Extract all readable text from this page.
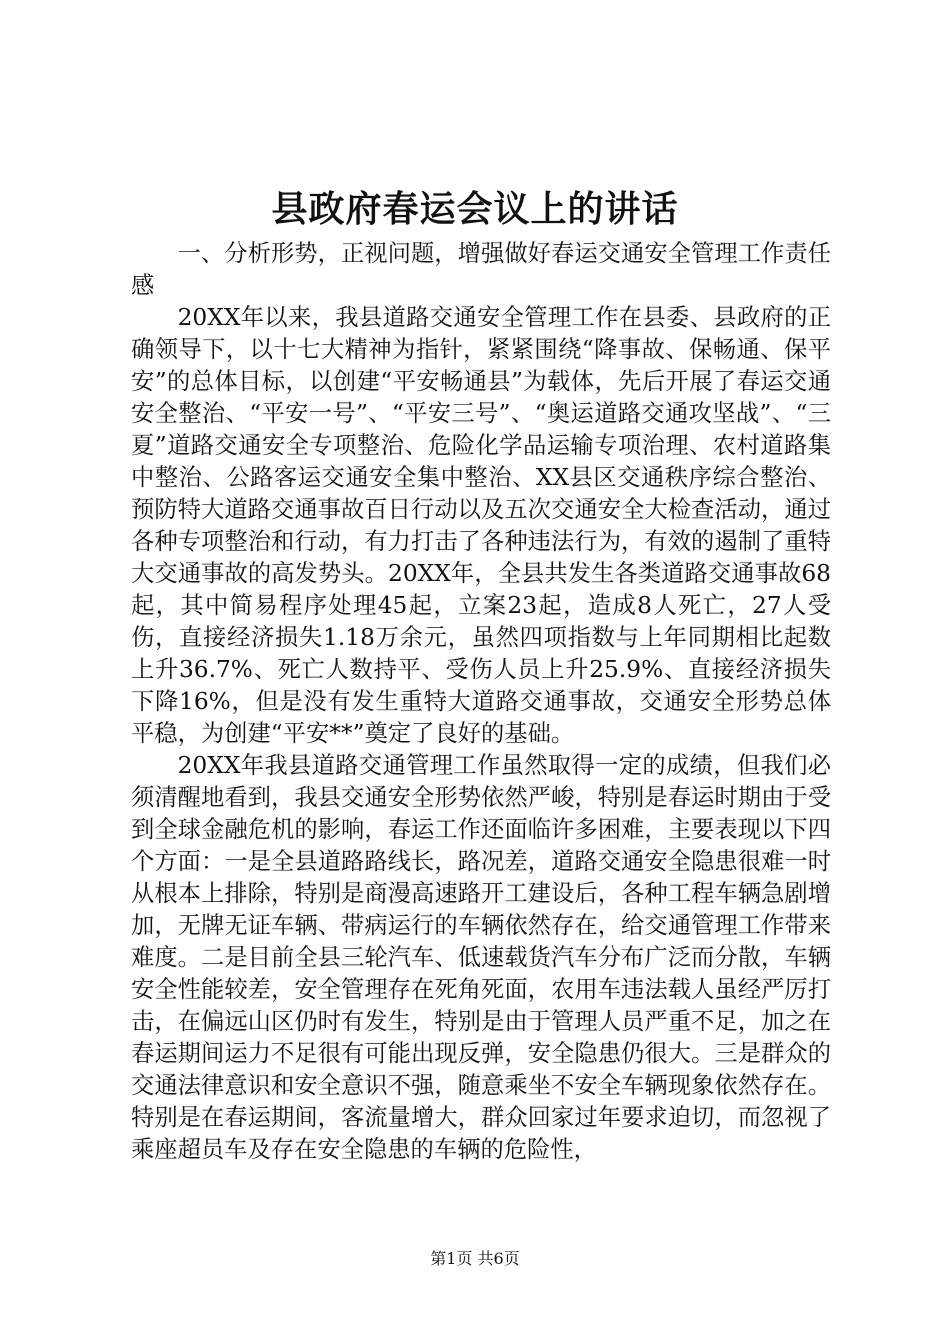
县政府春运会议上的讲话

一、分析形势，正视问题，增强做好春运交通安全管理工作责任感

20XX年以来，我县道路交通安全管理工作在县委、县政府的正确领导下，以十七大精神为指针，紧紧围绕“降事故、保畅通、保平安”的总体目标，以创建“平安畅通县”为载体，先后开展了春运交通安全整治、“平安一号”、“平安三号”、“奥运道路交通攻坚战”、“三夏”道路交通安全专项整治、危险化学品运输专项治理、农村道路集中整治、公路客运交通安全集中整治、XX县区交通秩序综合整治、预防特大道路交通事故百日行动以及五次交通安全大检查活动，通过各种专项整治和行动，有力打击了各种违法行为，有效的遏制了重特大交通事故的高发势头。20XX年，全县共发生各类道路交通事故68起，其中简易程序处理45起，立案23起，造成8人死亡，27人受伤，直接经济损失1.18万余元，虽然四项指数与上年同期相比起数上升36.7%、死亡人数持平、受伤人员上升25.9%、直接经济损失下降16%，但是没有发生重特大道路交通事故，交通安全形势总体平稳，为创建“平安**”奠定了良好的基础。

20XX年我县道路交通管理工作虽然取得一定的成绩，但我们必须清醒地看到，我县交通安全形势依然严峻，特别是春运时期由于受到全球金融危机的影响，春运工作还面临许多困难，主要表现以下四个方面：一是全县道路路线长，路况差，道路交通安全隐患很难一时从根本上排除，特别是商漫高速路开工建设后，各种工程车辆急剧增加，无牌无证车辆、带病运行的车辆依然存在，给交通管理工作带来难度。二是目前全县三轮汽车、低速载货汽车分布广泛而分散，车辆安全性能较差，安全管理存在死角死面，农用车违法载人虽经严厉打击，在偏远山区仍时有发生，特别是由于管理人员严重不足，加之在春运期间运力不足很有可能出现反弹，安全隐患仍很大。三是群众的交通法律意识和安全意识不强，随意乘坐不安全车辆现象依然存在。特别是在春运期间，客流量增大，群众回家过年要求迫切，而忽视了乘座超员车及存在安全隐患的车辆的危险性，

第1页 共6页
